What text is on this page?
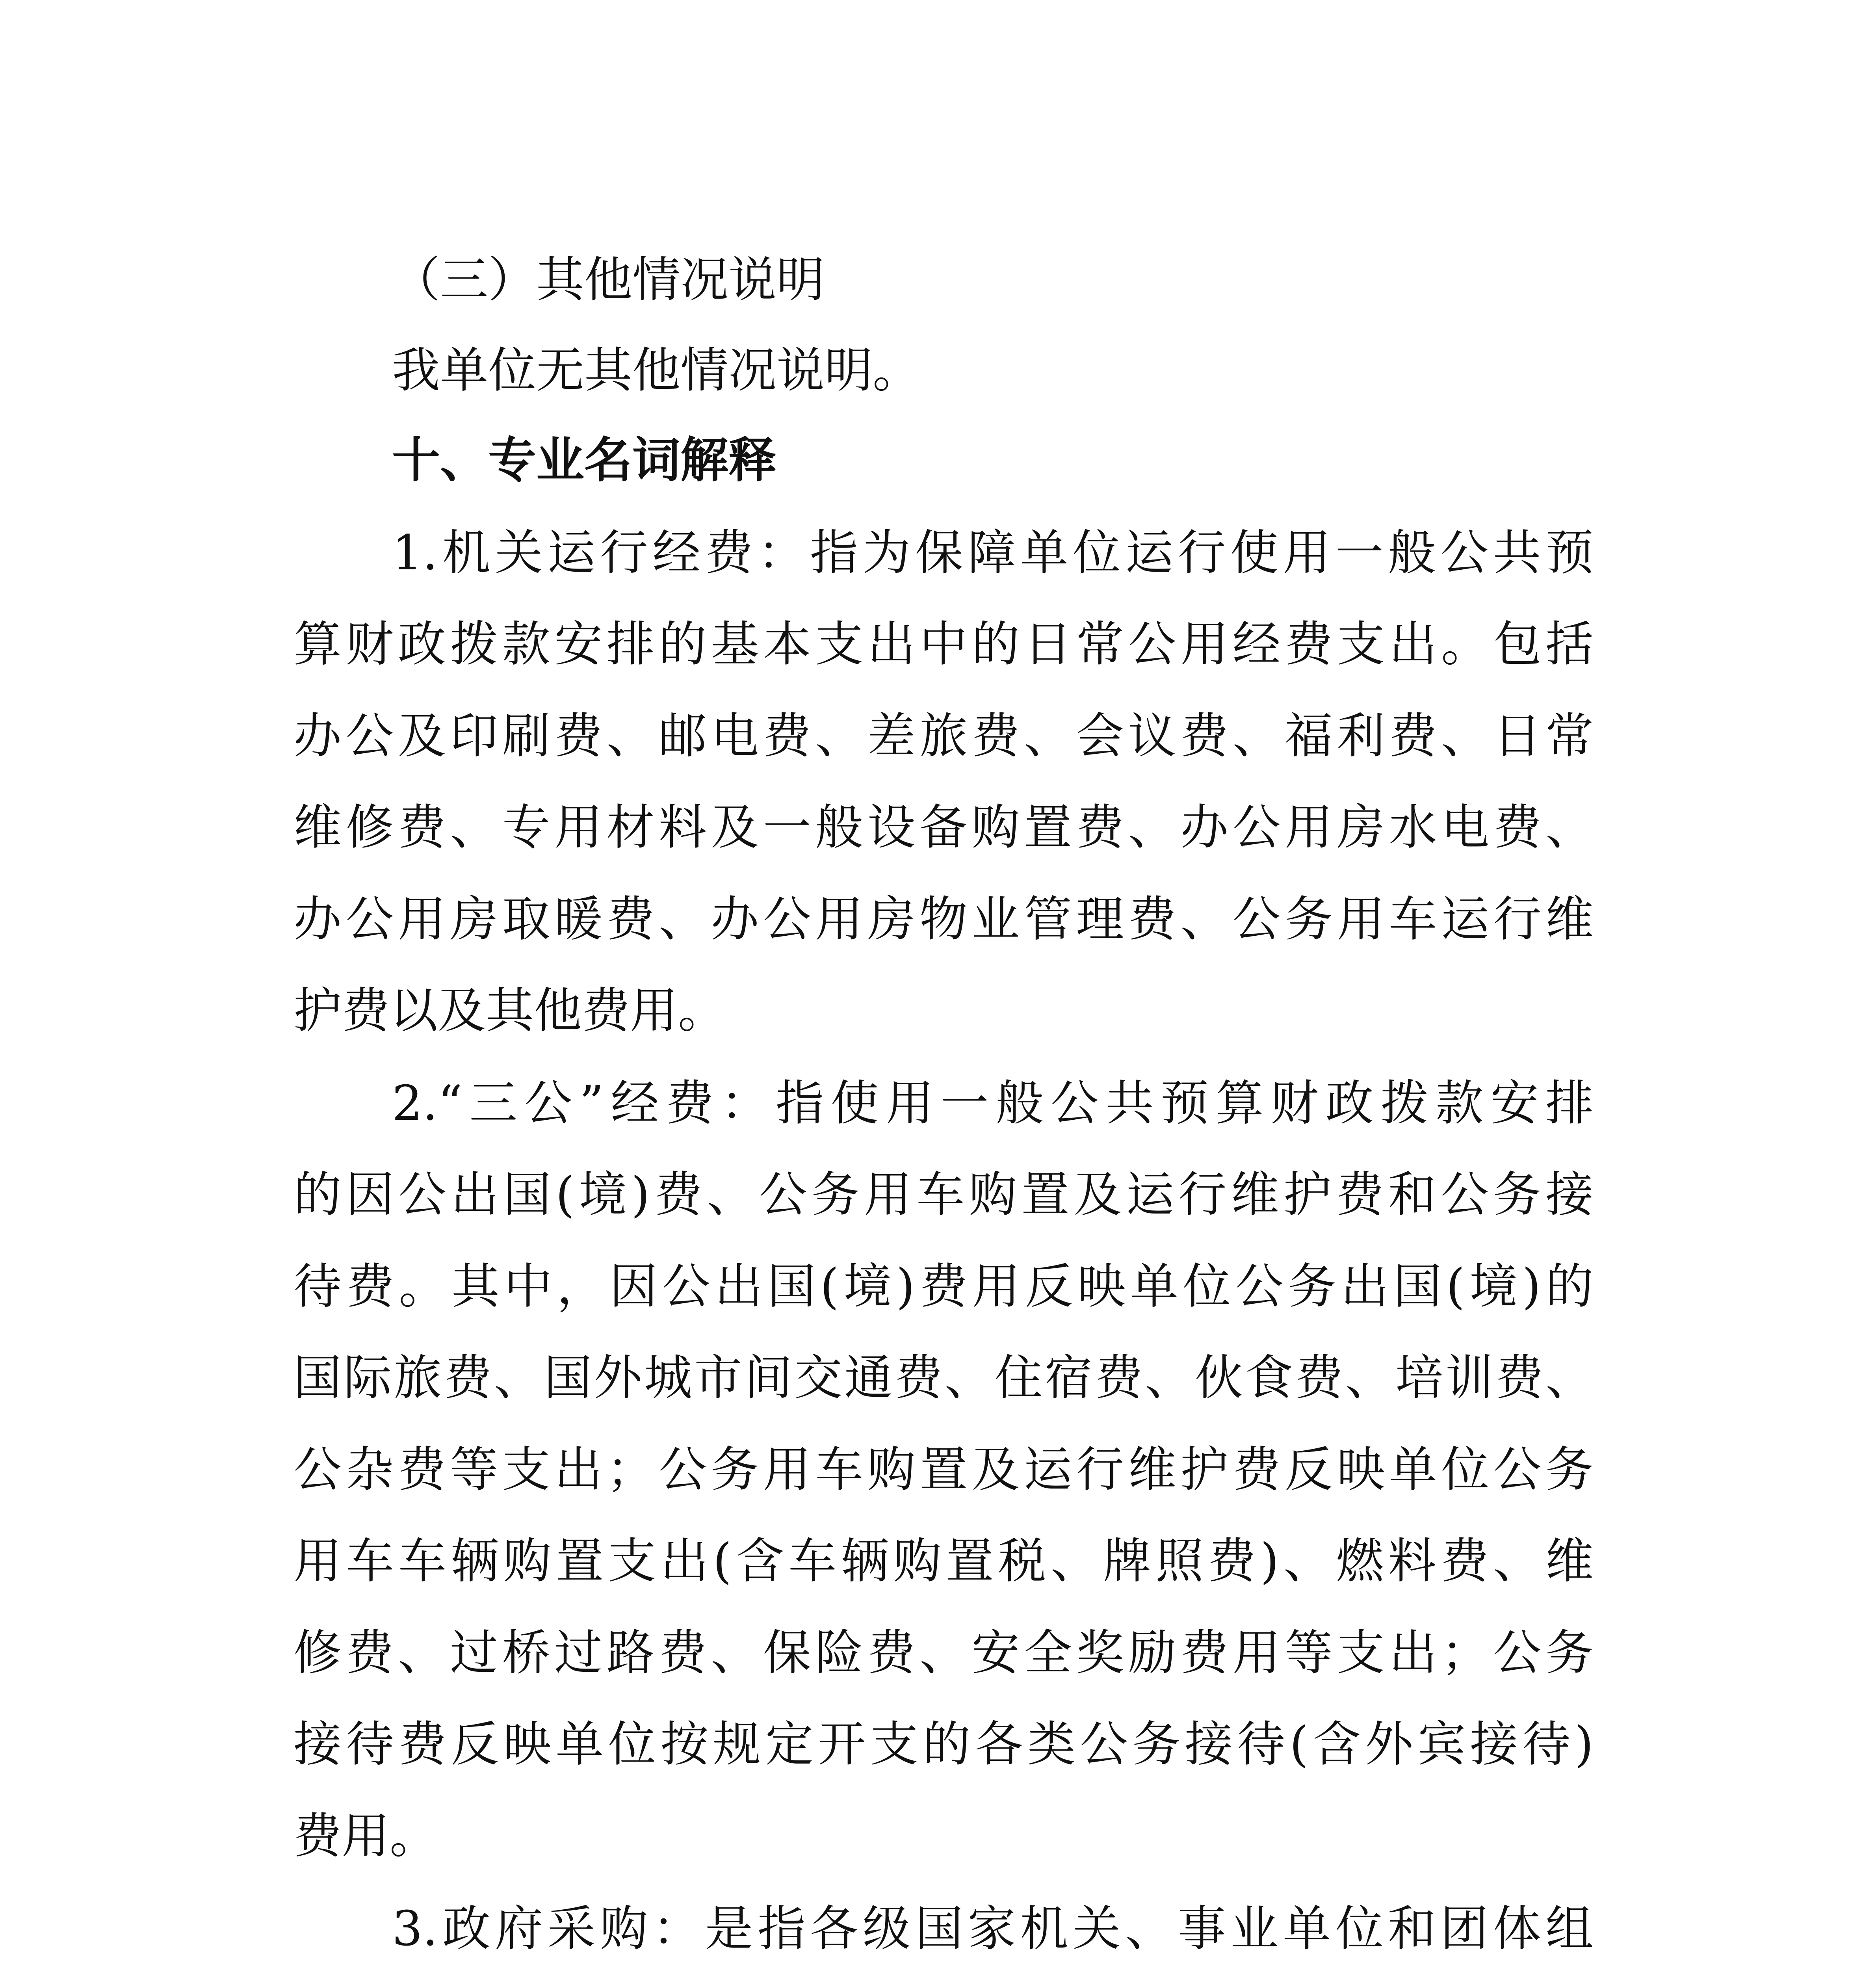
（三）其他情况说明
我单位无其他情况说明。
十、专业名词解释
1.机关运行经费：指为保障单位运行使用一般公共预
算财政拨款安排的基本支出中的日常公用经费支出。包括
办公及印刷费、邮电费、差旅费、会议费、福利费、日常
维修费、专用材料及一般设备购置费、办公用房水电费、
办公用房取暖费、办公用房物业管理费、公务用车运行维
护费以及其他费用。
2.“三公”经费：指使用一般公共预算财政拨款安排
的因公出国(境)费、公务用车购置及运行维护费和公务接
待费。其中，因公出国(境)费用反映单位公务出国(境)的
国际旅费、国外城市间交通费、住宿费、伙食费、培训费、
公杂费等支出；公务用车购置及运行维护费反映单位公务
用车车辆购置支出(含车辆购置税、牌照费)、燃料费、维
修费、过桥过路费、保险费、安全奖励费用等支出；公务
接待费反映单位按规定开支的各类公务接待(含外宾接待)
费用。
3.政府采购：是指各级国家机关、事业单位和团体组
